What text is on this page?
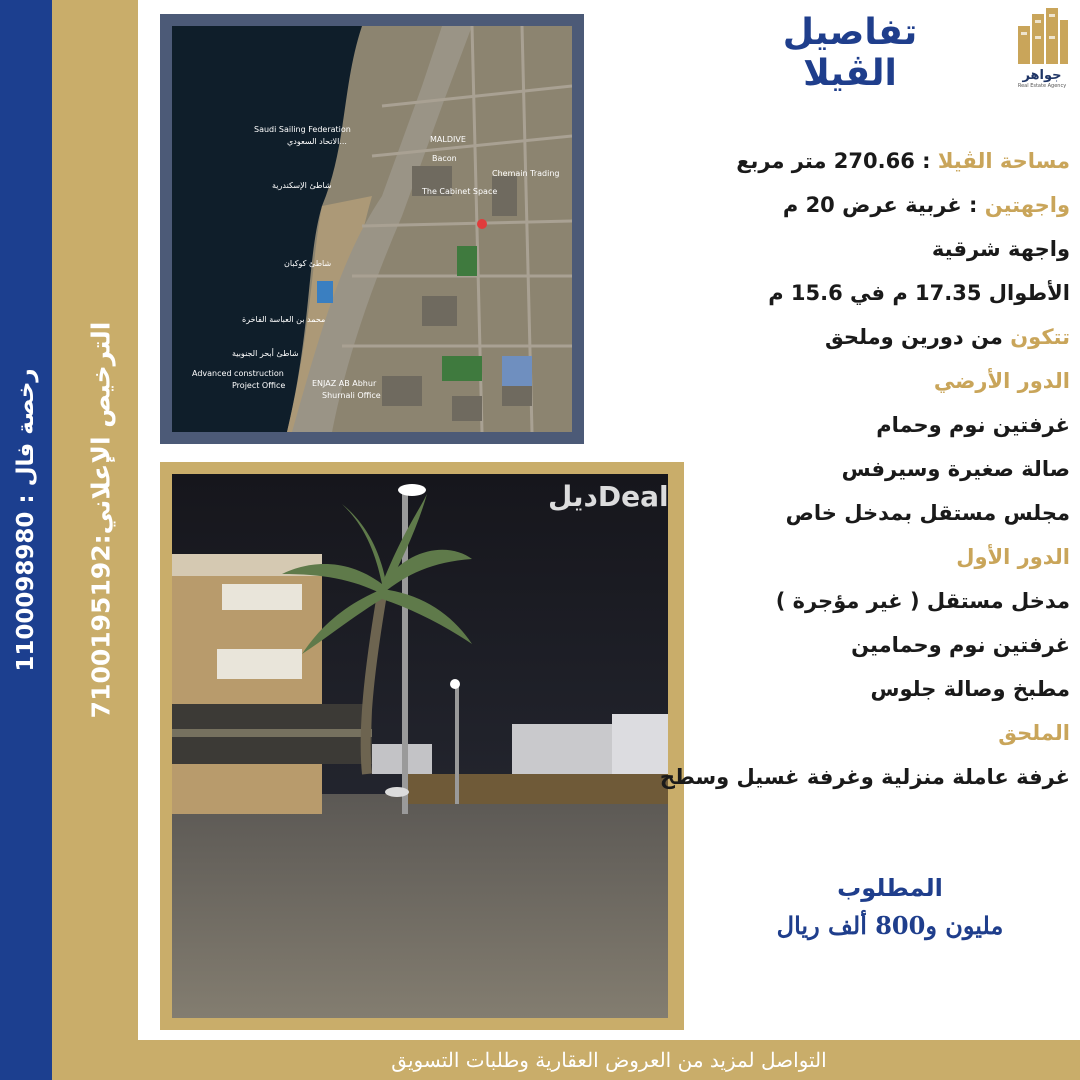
رخصة فال : 1100098980
الترخيص الإعلاني:7100195192
Saudi Sailing Federation
الاتحاد السعودي...	MALDIVE
Bacon
Chemain Trading
The Cabinet Space
شاطئ الإسكندرية
شاطئ كوكبان
شاطئ أبحر الجنوبية
Advanced construction
Project Office	ENJAZ AB Abhur
Shurnali Office
محمد بن العباسة الفاخرة
ديلDeal
جواهر
Real Estate Agency
تفاصيل الڤيلا
مساحة الڤيلا : 270.66 متر مربع
واجهتين : غربية عرض 20 م
واجهة شرقية
الأطوال 17.35 م في 15.6 م
تتكون من دورين وملحق
الدور الأرضي
غرفتين نوم وحمام
صالة صغيرة وسيرفس
مجلس مستقل بمدخل خاص
الدور الأول
مدخل مستقل ( غير مؤجرة )
غرفتين نوم وحمامين
مطبخ وصالة جلوس
الملحق
غرفة عاملة منزلية وغرفة غسيل وسطح
المطلوب
مليون و800 ألف ريال
التواصل لمزيد من العروض العقارية وطلبات التسويق
